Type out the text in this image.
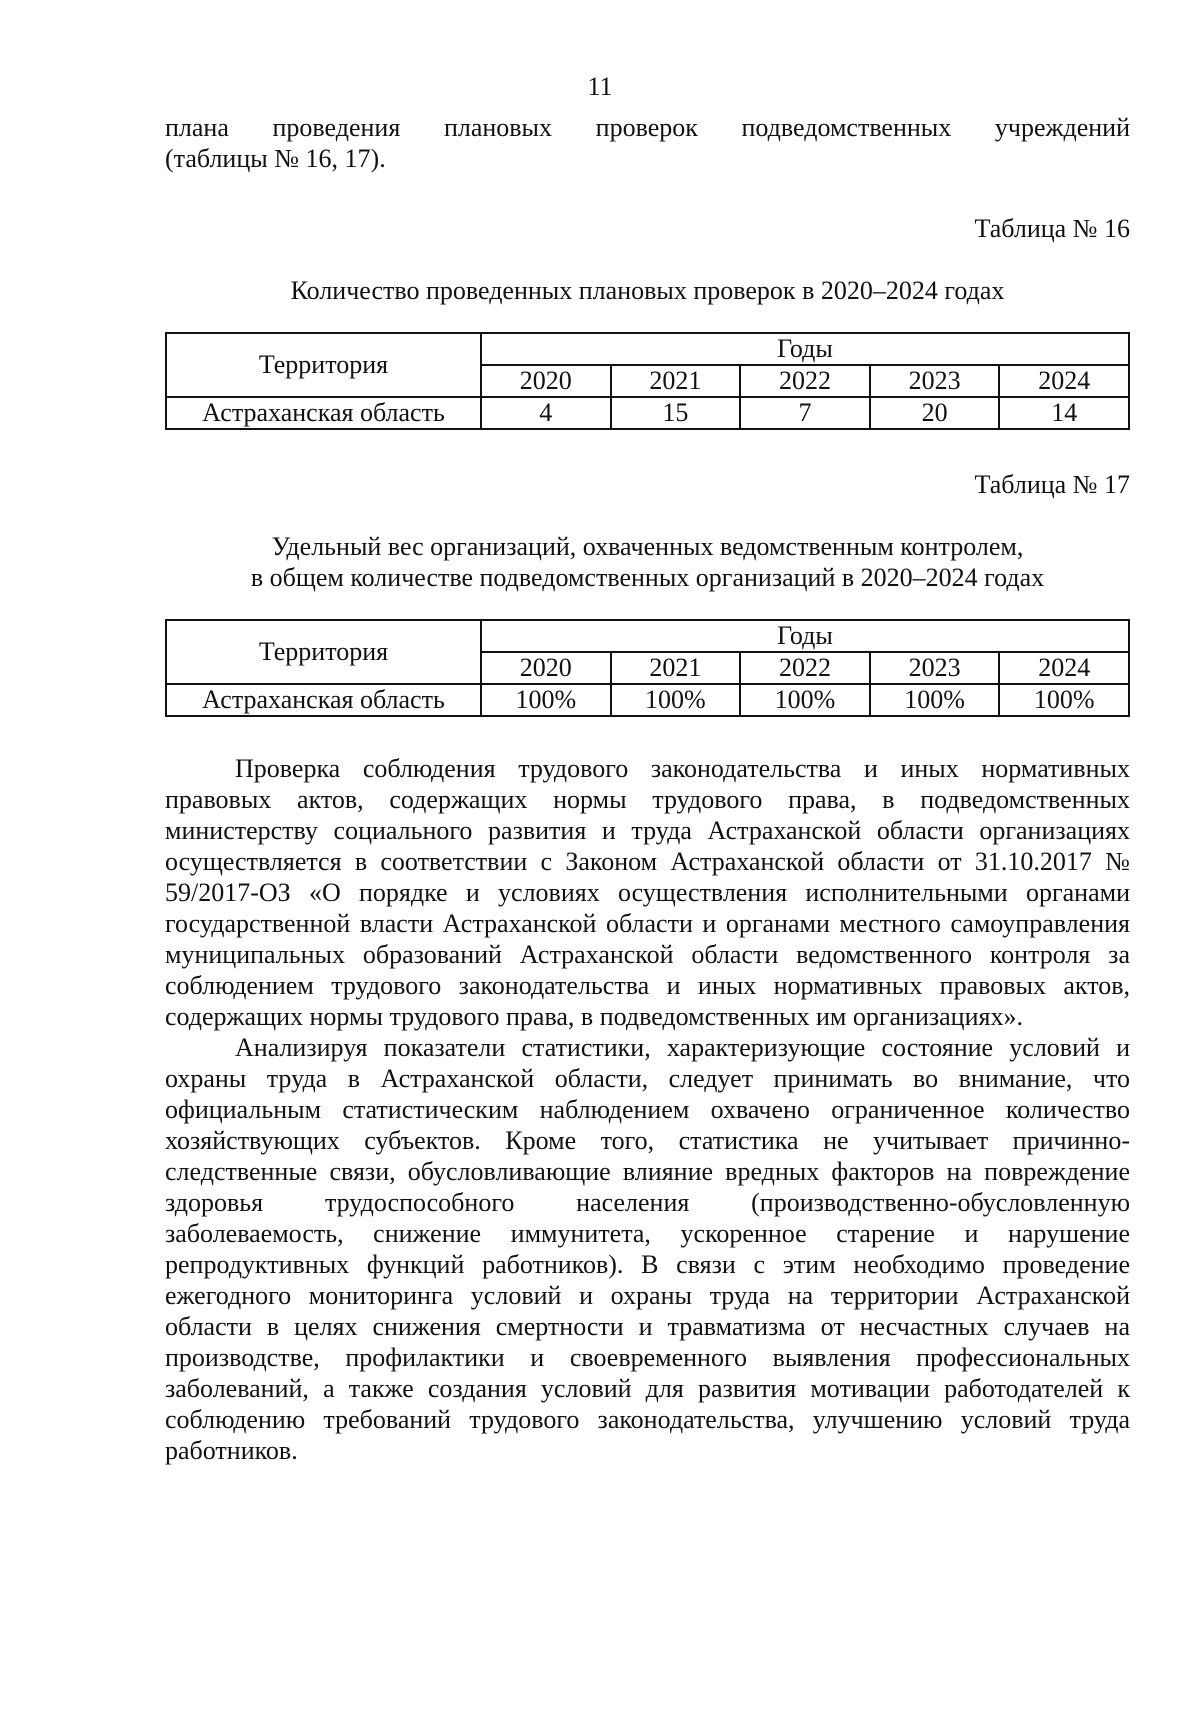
11

плана проведения плановых проверок подведомственных учреждений

(таблицы № 16, 17).

Таблица № 16

Количество проведенных плановых проверок в 2020–2024 годах

Территория	Годы				
	2020	2021	2022	2023	2024
Астраханская область	4	15	7	20	14

Таблица № 17

Удельный вес организаций, охваченных ведомственным контролем,
в общем количестве подведомственных организаций в 2020–2024 годах

Территория	Годы				
	2020	2021	2022	2023	2024
Астраханская область	100%	100%	100%	100%	100%

Проверка соблюдения трудового законодательства и иных нормативных правовых актов, содержащих нормы трудового права, в подведомственных министерству социального развития и труда Астраханской области организациях осуществляется в соответствии с Законом Астраханской области от 31.10.2017 № 59/2017-ОЗ «О порядке и условиях осуществления исполнительными органами государственной власти Астраханской области и органами местного самоуправления муниципальных образований Астраханской области ведомственного контроля за соблюдением трудового законодательства и иных нормативных правовых актов, содержащих нормы трудового права, в подведомственных им организациях».

Анализируя показатели статистики, характеризующие состояние условий и охраны труда в Астраханской области, следует принимать во внимание, что официальным статистическим наблюдением охвачено ограниченное количество хозяйствующих субъектов. Кроме того, статистика не учитывает причинно-следственные связи, обусловливающие влияние вредных факторов на повреждение здоровья трудоспособного населения (производственно-обусловленную заболеваемость, снижение иммунитета, ускоренное старение и нарушение репродуктивных функций работников). В связи с этим необходимо проведение ежегодного мониторинга условий и охраны труда на территории Астраханской области в целях снижения смертности и травматизма от несчастных случаев на производстве, профилактики и своевременного выявления профессиональных заболеваний, а также создания условий для развития мотивации работодателей к соблюдению требований трудового законодательства, улучшению условий труда работников.
